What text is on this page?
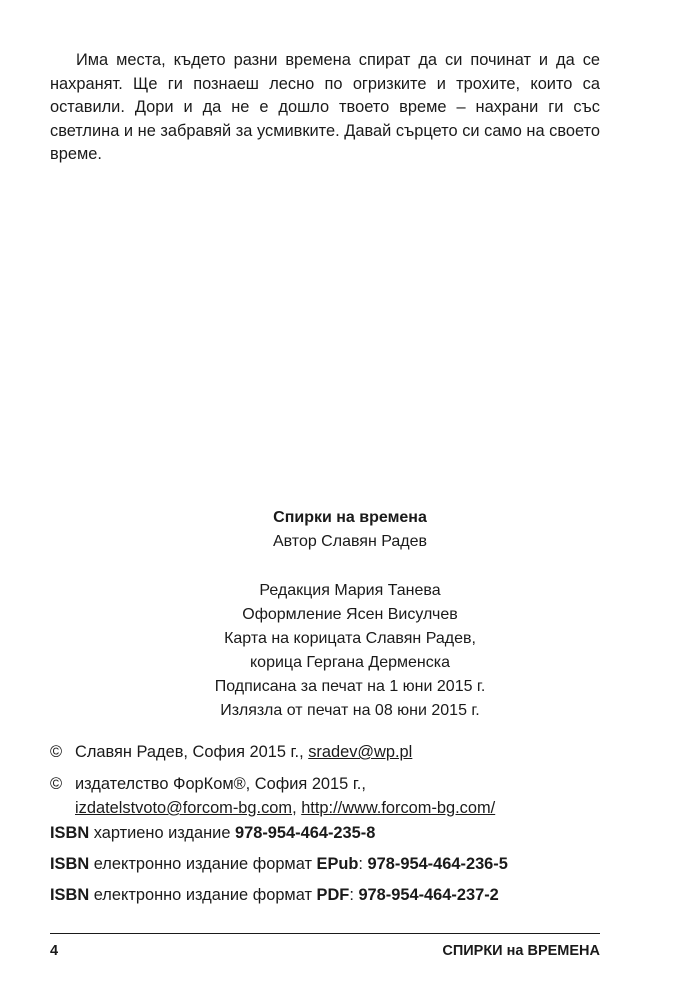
Има места, където разни времена спират да си починат и да се нахранят. Ще ги познаеш лесно по огризките и трохите, които са оставили. Дори и да не е дошло твоето време – нахрани ги със светлина и не забравяй за усмивките. Давай сърцето си само на своето време.

Спирки на времена
Автор Славян Радев
Редакция Мария Танева
Оформление Ясен Висулчев
Карта на корицата Славян Радев,
корица Гергана Дерменска
Подписана за печат на 1 юни 2015 г.
Излязла от печат на 08 юни 2015 г.
© Славян Радев, София 2015 г., sradev@wp.pl
© издателство ФорКом®, София 2015 г.,
izdatelstvoto@forcom-bg.com, http://www.forcom-bg.com/
ISBN хартиено издание 978-954-464-235-8
ISBN електронно издание формат EPub: 978-954-464-236-5
ISBN електронно издание формат PDF: 978-954-464-237-2
4	СПИРКИ на ВРЕМЕНА
